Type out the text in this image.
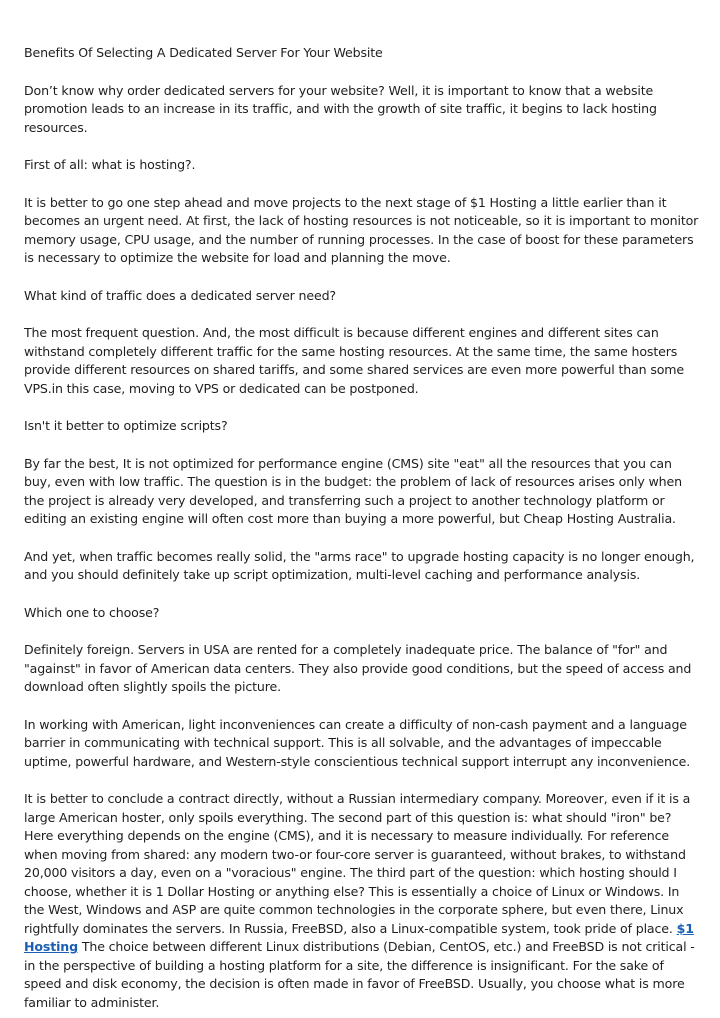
Benefits Of Selecting A Dedicated Server For Your Website

Don’t know why order dedicated servers for your website? Well, it is important to know that a website promotion leads to an increase in its traffic, and with the growth of site traffic, it begins to lack hosting resources.

First of all: what is hosting?.

It is better to go one step ahead and move projects to the next stage of $1 Hosting a little earlier than it becomes an urgent need. At first, the lack of hosting resources is not noticeable, so it is important to monitor memory usage, CPU usage, and the number of running processes. In the case of boost for these parameters is necessary to optimize the website for load and planning the move.

What kind of traffic does a dedicated server need?

The most frequent question. And, the most difficult is because different engines and different sites can withstand completely different traffic for the same hosting resources. At the same time, the same hosters provide different resources on shared tariffs, and some shared services are even more powerful than some VPS.in this case, moving to VPS or dedicated can be postponed.

Isn't it better to optimize scripts?

By far the best, It is not optimized for performance engine (CMS) site "eat" all the resources that you can buy, even with low traffic. The question is in the budget: the problem of lack of resources arises only when the project is already very developed, and transferring such a project to another technology platform or editing an existing engine will often cost more than buying a more powerful, but Cheap Hosting Australia.

And yet, when traffic becomes really solid, the "arms race" to upgrade hosting capacity is no longer enough, and you should definitely take up script optimization, multi-level caching and performance analysis.

Which one to choose?

Definitely foreign. Servers in USA are rented for a completely inadequate price. The balance of "for" and "against" in favor of American data centers. They also provide good conditions, but the speed of access and download often slightly spoils the picture.

In working with American, light inconveniences can create a difficulty of non-cash payment and a language barrier in communicating with technical support. This is all solvable, and the advantages of impeccable uptime, powerful hardware, and Western-style conscientious technical support interrupt any inconvenience.

It is better to conclude a contract directly, without a Russian intermediary company. Moreover, even if it is a large American hoster, only spoils everything. The second part of this question is: what should "iron" be? Here everything depends on the engine (CMS), and it is necessary to measure individually. For reference when moving from shared: any modern two-or four-core server is guaranteed, without brakes, to withstand 20,000 visitors a day, even on a "voracious" engine. The third part of the question: which hosting should I choose, whether it is 1 Dollar Hosting or anything else? This is essentially a choice of Linux or Windows. In the West, Windows and ASP are quite common technologies in the corporate sphere, but even there, Linux rightfully dominates the servers. In Russia, FreeBSD, also a Linux-compatible system, took pride of place. $1 Hosting The choice between different Linux distributions (Debian, CentOS, etc.) and FreeBSD is not critical - in the perspective of building a hosting platform for a site, the difference is insignificant. For the sake of speed and disk economy, the decision is often made in favor of FreeBSD. Usually, you choose what is more familiar to administer.
